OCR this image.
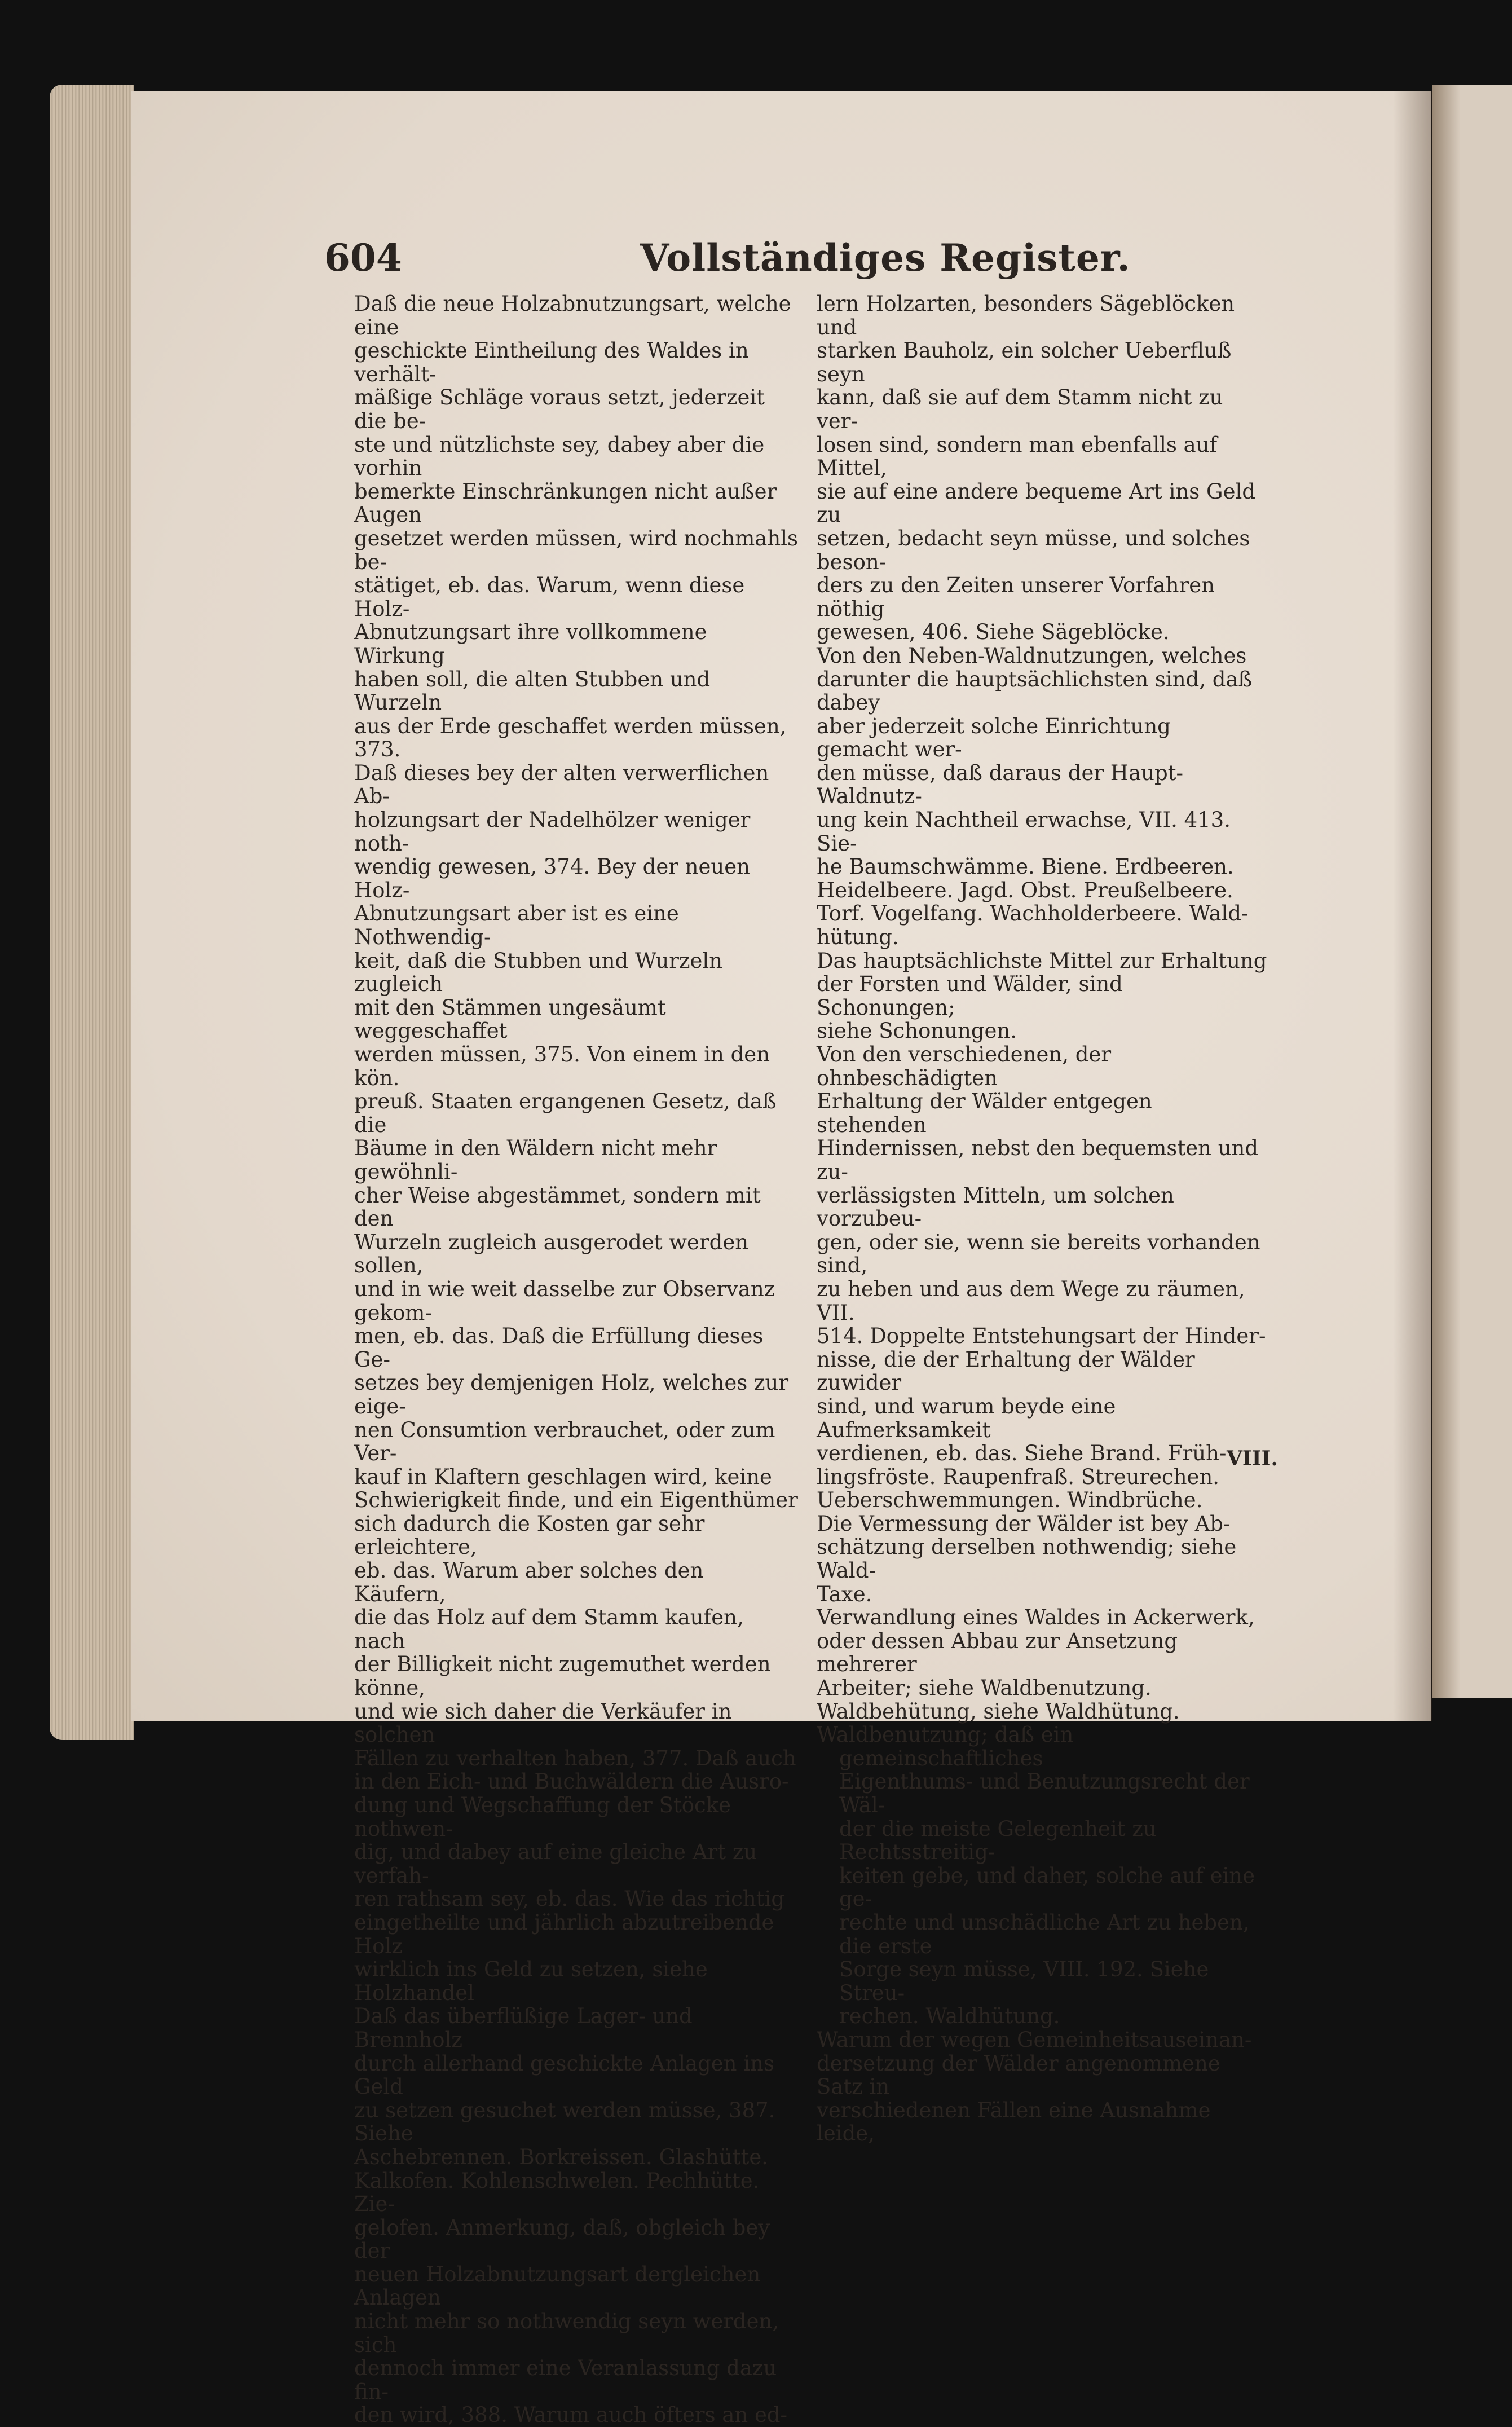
604	Vollständiges Register.

Daß die neue Holzabnutzungsart, welche eine
geschickte Eintheilung des Waldes in verhält-
mäßige Schläge voraus setzt, jederzeit die be-
ste und nützlichste sey, dabey aber die vorhin
bemerkte Einschränkungen nicht außer Augen
gesetzet werden müssen, wird nochmahls be-
stätiget, eb. das. Warum, wenn diese Holz-
Abnutzungsart ihre vollkommene Wirkung
haben soll, die alten Stubben und Wurzeln
aus der Erde geschaffet werden müssen, 373.
Daß dieses bey der alten verwerflichen Ab-
holzungsart der Nadelhölzer weniger noth-
wendig gewesen, 374. Bey der neuen Holz-
Abnutzungsart aber ist es eine Nothwendig-
keit, daß die Stubben und Wurzeln zugleich
mit den Stämmen ungesäumt weggeschaffet
werden müssen, 375. Von einem in den kön.
preuß. Staaten ergangenen Gesetz, daß die
Bäume in den Wäldern nicht mehr gewöhnli-
cher Weise abgestämmet, sondern mit den
Wurzeln zugleich ausgerodet werden sollen,
und in wie weit dasselbe zur Observanz gekom-
men, eb. das. Daß die Erfüllung dieses Ge-
setzes bey demjenigen Holz, welches zur eige-
nen Consumtion verbrauchet, oder zum Ver-
kauf in Klaftern geschlagen wird, keine
Schwierigkeit finde, und ein Eigenthümer
sich dadurch die Kosten gar sehr erleichtere,
eb. das. Warum aber solches den Käufern,
die das Holz auf dem Stamm kaufen, nach
der Billigkeit nicht zugemuthet werden könne,
und wie sich daher die Verkäufer in solchen
Fällen zu verhalten haben, 377. Daß auch
in den Eich- und Buchwäldern die Ausro-
dung und Wegschaffung der Stöcke nothwen-
dig, und dabey auf eine gleiche Art zu verfah-
ren rathsam sey, eb. das. Wie das richtig
eingetheilte und jährlich abzutreibende Holz
wirklich ins Geld zu setzen, siehe Holzhandel
Daß das überflüßige Lager- und Brennholz
durch allerhand geschickte Anlagen ins Geld
zu setzen gesuchet werden müsse, 387. Siehe
Aschebrennen. Borkreissen. Glashütte.
Kalkofen. Kohlenschwelen. Pechhütte. Zie-
gelofen. Anmerkung, daß, obgleich bey der
neuen Holzabnutzungsart dergleichen Anlagen
nicht mehr so nothwendig seyn werden, sich
dennoch immer eine Veranlassung dazu fin-
den wird, 388. Warum auch öfters an ed-

lern Holzarten, besonders Sägeblöcken und
starken Bauholz, ein solcher Ueberfluß seyn
kann, daß sie auf dem Stamm nicht zu ver-
losen sind, sondern man ebenfalls auf Mittel,
sie auf eine andere bequeme Art ins Geld zu
setzen, bedacht seyn müsse, und solches beson-
ders zu den Zeiten unserer Vorfahren nöthig
gewesen, 406. Siehe Sägeblöcke.

Von den Neben-Waldnutzungen, welches
darunter die hauptsächlichsten sind, daß dabey
aber jederzeit solche Einrichtung gemacht wer-
den müsse, daß daraus der Haupt-Waldnutz-
ung kein Nachtheil erwachse, VII. 413. Sie-
he Baumschwämme. Biene. Erdbeeren.
Heidelbeere. Jagd. Obst. Preußelbeere.
Torf. Vogelfang. Wachholderbeere. Wald-
hütung.

Das hauptsächlichste Mittel zur Erhaltung
der Forsten und Wälder, sind Schonungen;
siehe Schonungen.

Von den verschiedenen, der ohnbeschädigten
Erhaltung der Wälder entgegen stehenden
Hindernissen, nebst den bequemsten und zu-
verlässigsten Mitteln, um solchen vorzubeu-
gen, oder sie, wenn sie bereits vorhanden sind,
zu heben und aus dem Wege zu räumen, VII.
514. Doppelte Entstehungsart der Hinder-
nisse, die der Erhaltung der Wälder zuwider
sind, und warum beyde eine Aufmerksamkeit
verdienen, eb. das. Siehe Brand. Früh-
lingsfröste. Raupenfraß. Streurechen.
Ueberschwemmungen. Windbrüche.

Die Vermessung der Wälder ist bey Ab-
schätzung derselben nothwendig; siehe Wald-
Taxe.

Verwandlung eines Waldes in Ackerwerk,
oder dessen Abbau zur Ansetzung mehrerer
Arbeiter; siehe Waldbenutzung.

Waldbehütung, siehe Waldhütung.

Waldbenutzung; daß ein gemeinschaftliches
Eigenthums- und Benutzungsrecht der Wäl-
der die meiste Gelegenheit zu Rechtsstreitig-
keiten gebe, und daher, solche auf eine ge-
rechte und unschädliche Art zu heben, die erste
Sorge seyn müsse, VIII. 192. Siehe Streu-
rechen. Waldhütung.

Warum der wegen Gemeinheitsauseinan-
dersetzung der Wälder angenommene Satz in
verschiedenen Fällen eine Ausnahme leide,

VIII.
